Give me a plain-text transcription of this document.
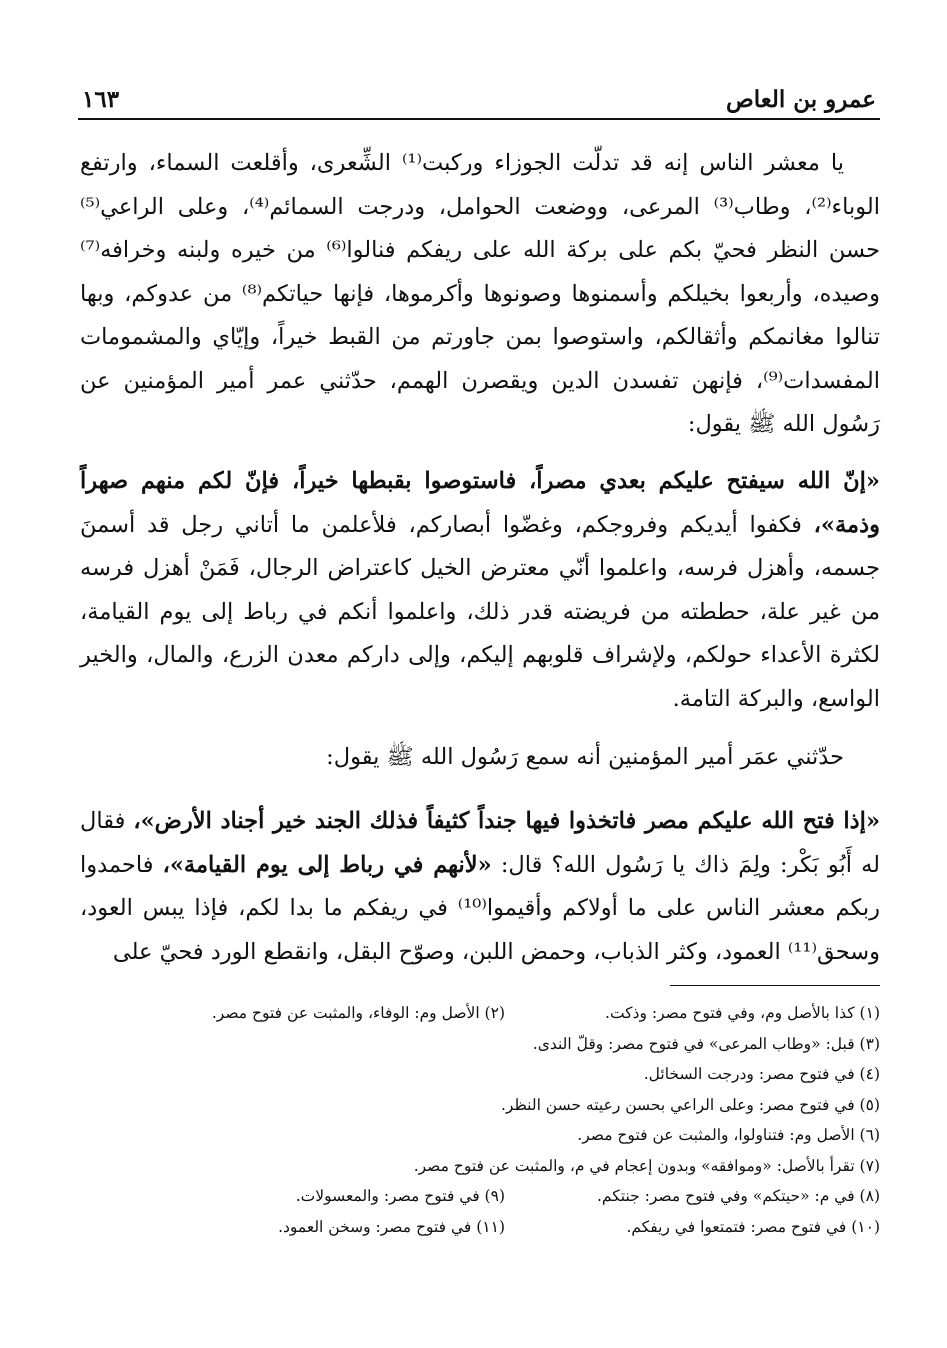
عمرو بن العاص
١٦٣

يا معشر الناس إنه قد تدلّت الجوزاء وركبت⁽¹⁾ الشِّعرى، وأقلعت السماء، وارتفع الوباء⁽²⁾، وطاب⁽³⁾ المرعى، ووضعت الحوامل، ودرجت السمائم⁽⁴⁾، وعلى الراعي⁽⁵⁾ حسن النظر فحيّ بكم على بركة الله على ريفكم فنالوا⁽⁶⁾ من خيره ولبنه وخرافه⁽⁷⁾ وصيده، وأربعوا بخيلكم وأسمنوها وصونوها وأكرموها، فإنها حياتكم⁽⁸⁾ من عدوكم، وبها تنالوا مغانمكم وأثقالكم، واستوصوا بمن جاورتم من القبط خيراً، وإيّاي والمشمومات المفسدات⁽⁹⁾، فإنهن تفسدن الدين ويقصرن الهمم، حدّثني عمر أمير المؤمنين عن رَسُول الله ﷺ يقول:

«إنّ الله سيفتح عليكم بعدي مصراً، فاستوصوا بقبطها خيراً، فإنّ لكم منهم صهراً وذمة»، فكفوا أيديكم وفروجكم، وغضّوا أبصاركم، فلأعلمن ما أتاني رجل قد أسمنَ جسمه، وأهزل فرسه، واعلموا أنّي معترض الخيل كاعتراض الرجال، فَمَنْ أهزل فرسه من غير علة، حططته من فريضته قدر ذلك، واعلموا أنكم في رباط إلى يوم القيامة، لكثرة الأعداء حولكم، ولإشراف قلوبهم إليكم، وإلى داركم معدن الزرع، والمال، والخير الواسع، والبركة التامة.

حدّثني عمَر أمير المؤمنين أنه سمع رَسُول الله ﷺ يقول:

«إذا فتح الله عليكم مصر فاتخذوا فيها جنداً كثيفاً فذلك الجند خير أجناد الأرض»، فقال له أَبُو بَكْر: ولِمَ ذاك يا رَسُول الله؟ قال: «لأنهم في رباط إلى يوم القيامة»، فاحمدوا ربكم معشر الناس على ما أولاكم وأقيموا⁽¹⁰⁾ في ريفكم ما بدا لكم، فإذا يبس العود، وسحق⁽¹¹⁾ العمود، وكثر الذباب، وحمض اللبن، وصوّح البقل، وانقطع الورد فحيّ على

(١) كذا بالأصل وم، وفي فتوح مصر: وذكت.
(٢) الأصل وم: الوفاء، والمثبت عن فتوح مصر.
(٣) قبل: «وطاب المرعى» في فتوح مصر: وقلّ الندى.
(٤) في فتوح مصر: ودرجت السخائل.
(٥) في فتوح مصر: وعلى الراعي بحسن رعيته حسن النظر.
(٦) الأصل وم: فتناولوا، والمثبت عن فتوح مصر.
(٧) تقرأ بالأصل: «وموافقه» وبدون إعجام في م، والمثبت عن فتوح مصر.
(٨) في م: «حيتكم» وفي فتوح مصر: جنتكم.
(٩) في فتوح مصر: والمعسولات.
(١٠) في فتوح مصر: فتمتعوا في ريفكم.
(١١) في فتوح مصر: وسخن العمود.
